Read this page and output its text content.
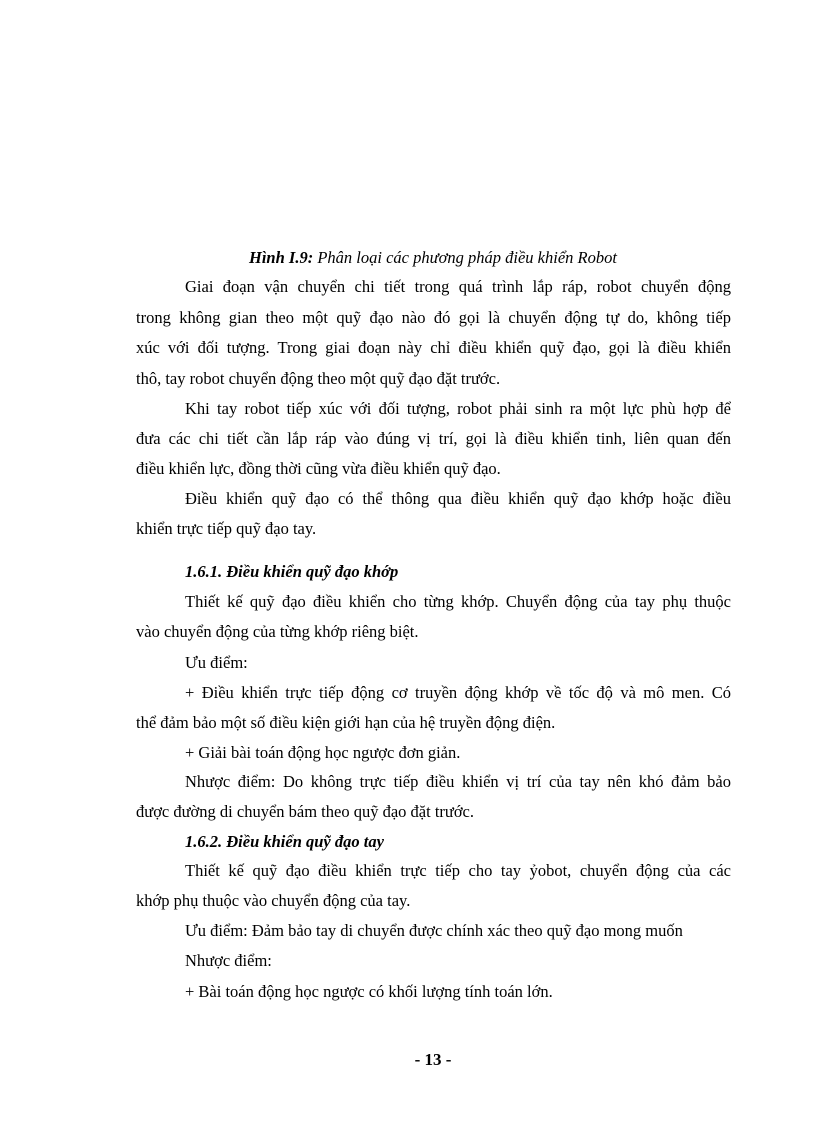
Hình I.9: Phân loại các phương pháp điều khiển Robot
Giai đoạn vận chuyển chi tiết trong quá trình lắp ráp, robot chuyển động
trong không gian theo một quỹ đạo nào đó gọi là chuyển động tự do, không tiếp
xúc với đối tượng. Trong giai đoạn này chỉ điều khiển quỹ đạo, gọi là điều khiển
thô, tay robot chuyển động theo một quỹ đạo đặt trước.
Khi tay robot tiếp xúc với đối tượng, robot phải sinh ra một lực phù hợp để
đưa các chi tiết cần lắp ráp vào đúng vị trí, gọi là điều khiển tinh, liên quan đến
điều khiển lực, đồng thời cũng vừa điều khiển quỹ đạo.
Điều khiển quỹ đạo có thể thông qua điều khiển quỹ đạo khớp hoặc điều
khiển trực tiếp quỹ đạo tay.
1.6.1. Điều khiển quỹ đạo khớp
Thiết kế quỹ đạo điều khiển cho từng khớp. Chuyển động của tay phụ thuộc
vào chuyển động của từng khớp riêng biệt.
Ưu điểm:
+ Điều khiển trực tiếp động cơ truyền động khớp về tốc độ và mô men. Có
thể đảm bảo một số điều kiện giới hạn của hệ truyền động điện.
+ Giải bài toán động học ngược đơn giản.
Nhược điểm: Do không trực tiếp điều khiển vị trí của tay nên khó đảm bảo
được đường di chuyển bám theo quỹ đạo đặt trước.
1.6.2. Điều khiển quỹ đạo tay
Thiết kế quỹ đạo điều khiển trực tiếp cho tay ỷobot, chuyển động của các
khớp phụ thuộc vào chuyển động của tay.
Ưu điểm: Đảm bảo tay di chuyển được chính xác theo quỹ đạo mong muốn
Nhược điểm:
+ Bài toán động học ngược có khối lượng tính toán lớn.
- 13 -
